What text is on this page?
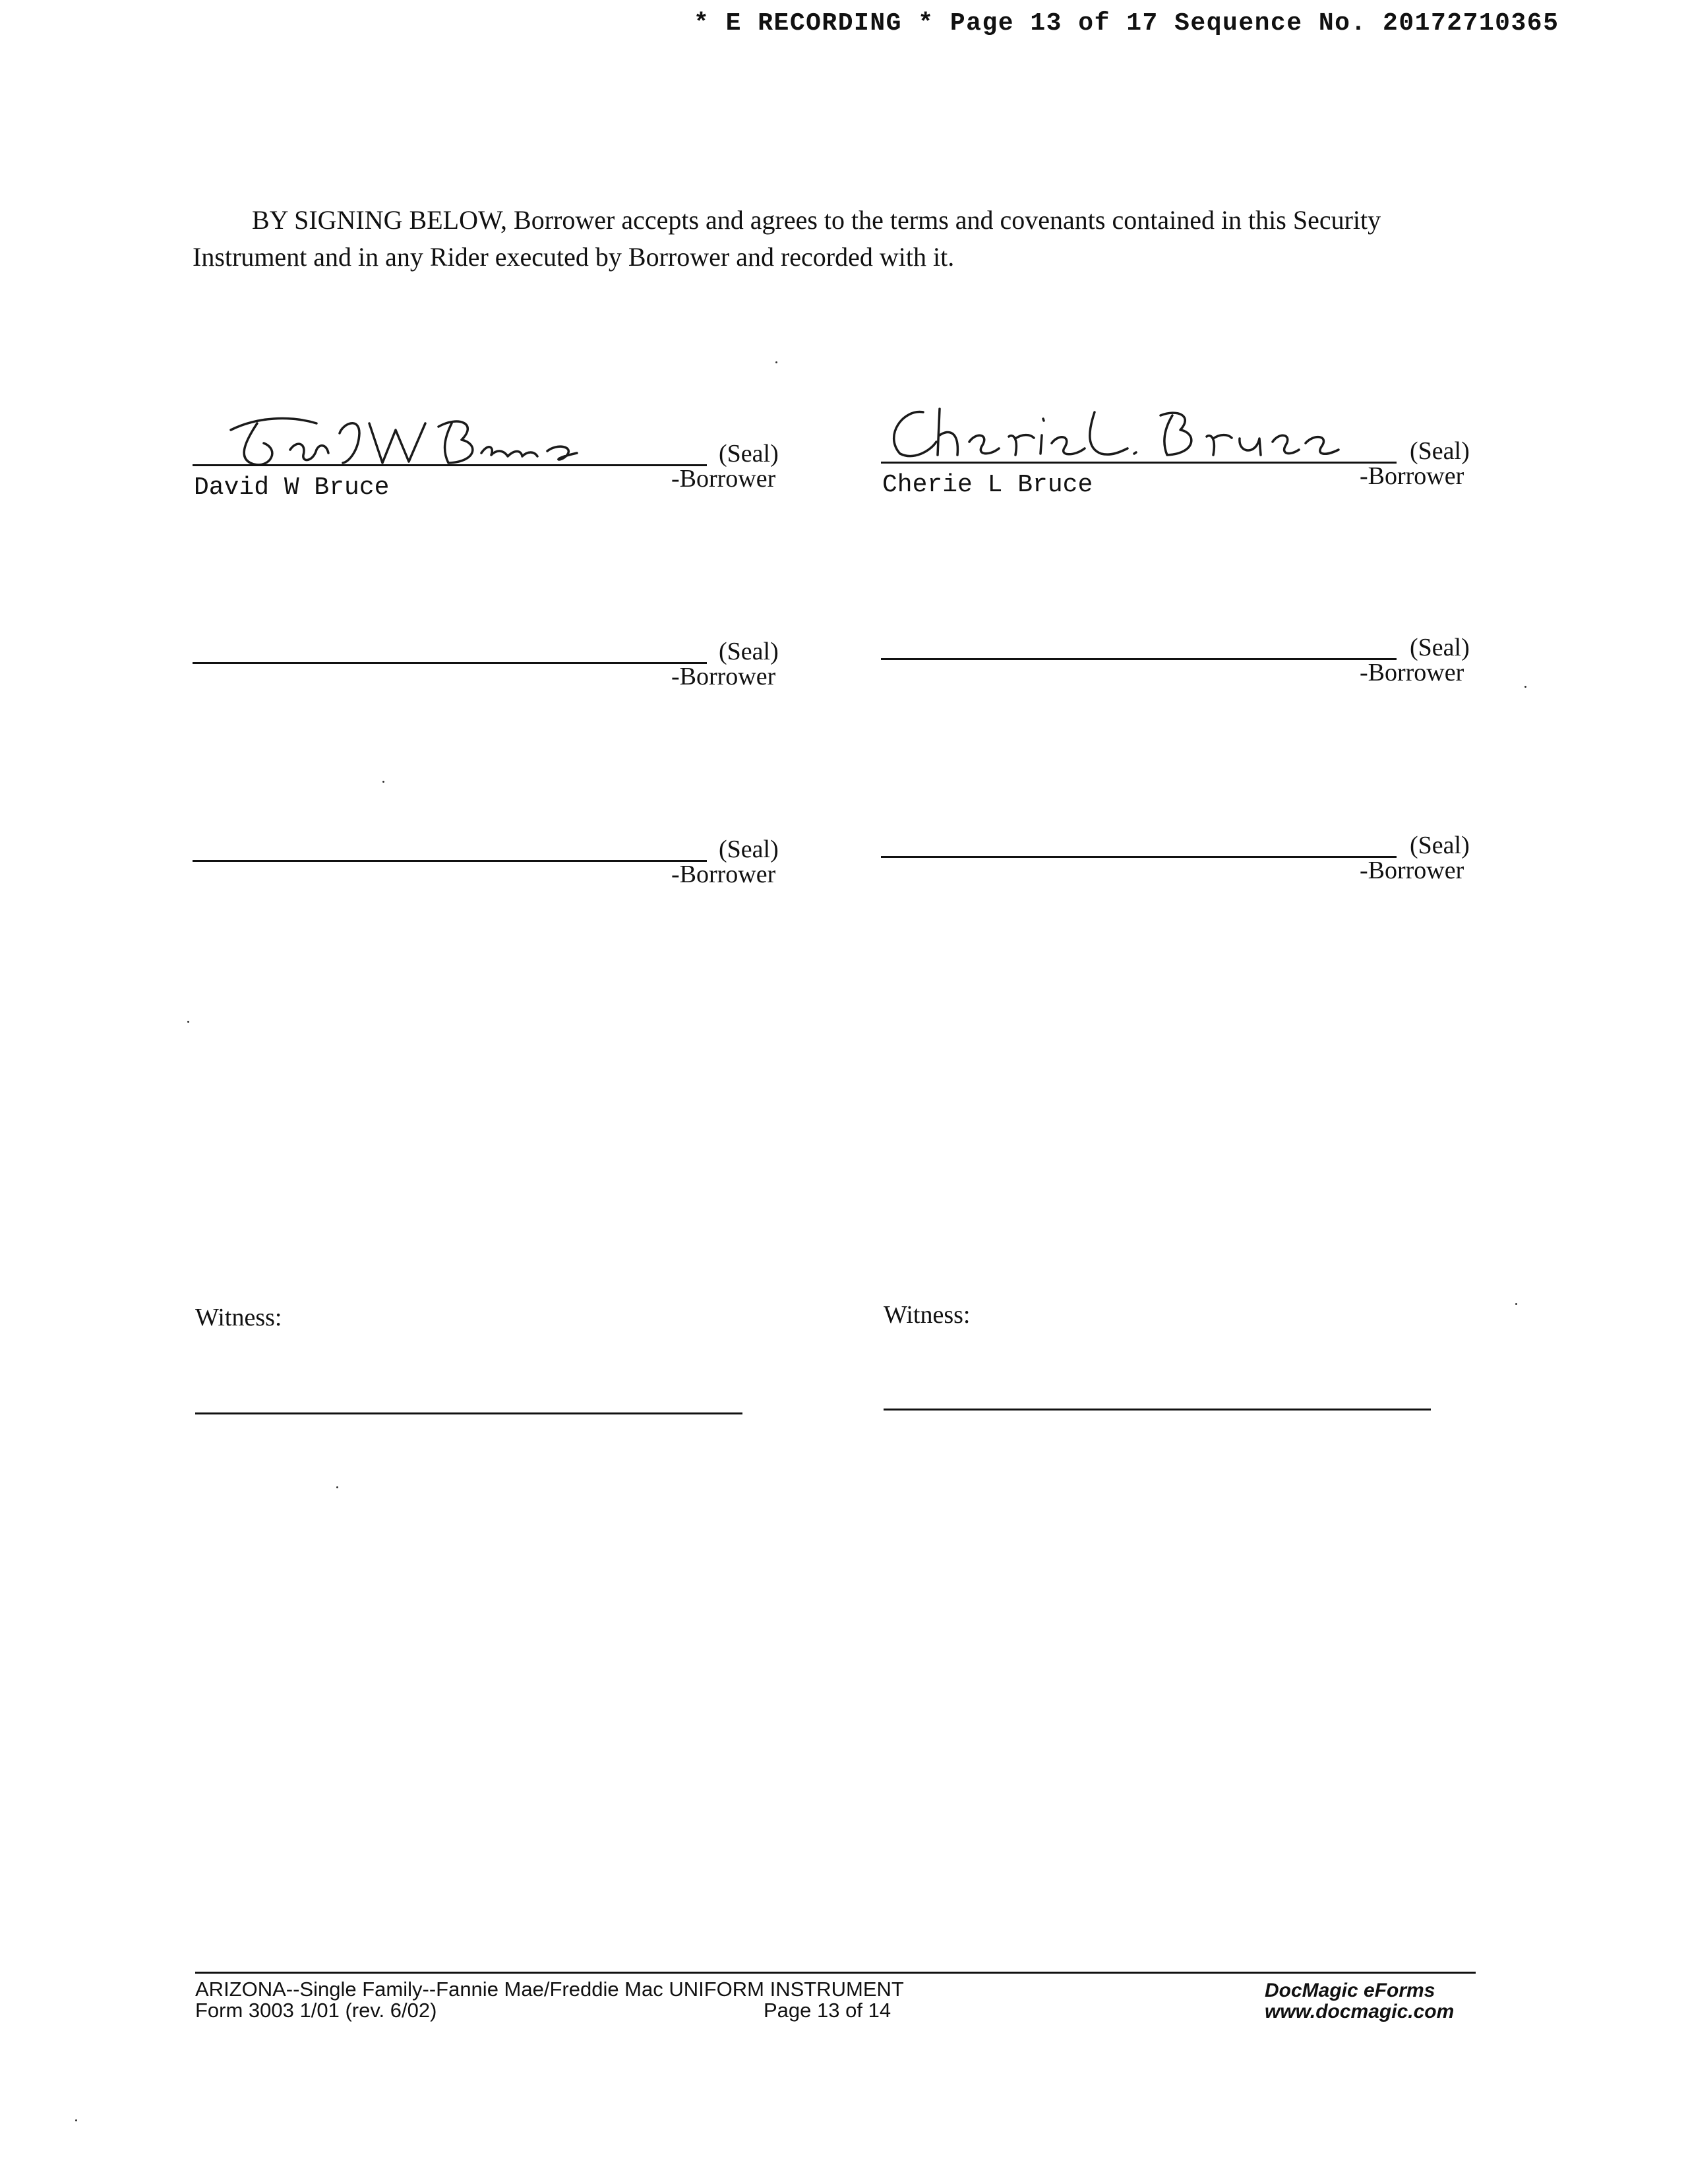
* E RECORDING * Page 13 of 17 Sequence No. 20172710365
BY SIGNING BELOW, Borrower accepts and agrees to the terms and covenants contained in this Security
Instrument and in any Rider executed by Borrower and recorded with it.
(Seal)
-Borrower
David W Bruce
(Seal)
-Borrower
Cherie L Bruce
(Seal)
-Borrower
(Seal)
-Borrower
(Seal)
-Borrower
(Seal)
-Borrower
Witness:	Witness:
ARIZONA--Single Family--Fannie Mae/Freddie Mac UNIFORM INSTRUMENT
Form 3003 1/01 (rev. 6/02)	Page 13 of 14
DocMagic eForms
www.docmagic.com
